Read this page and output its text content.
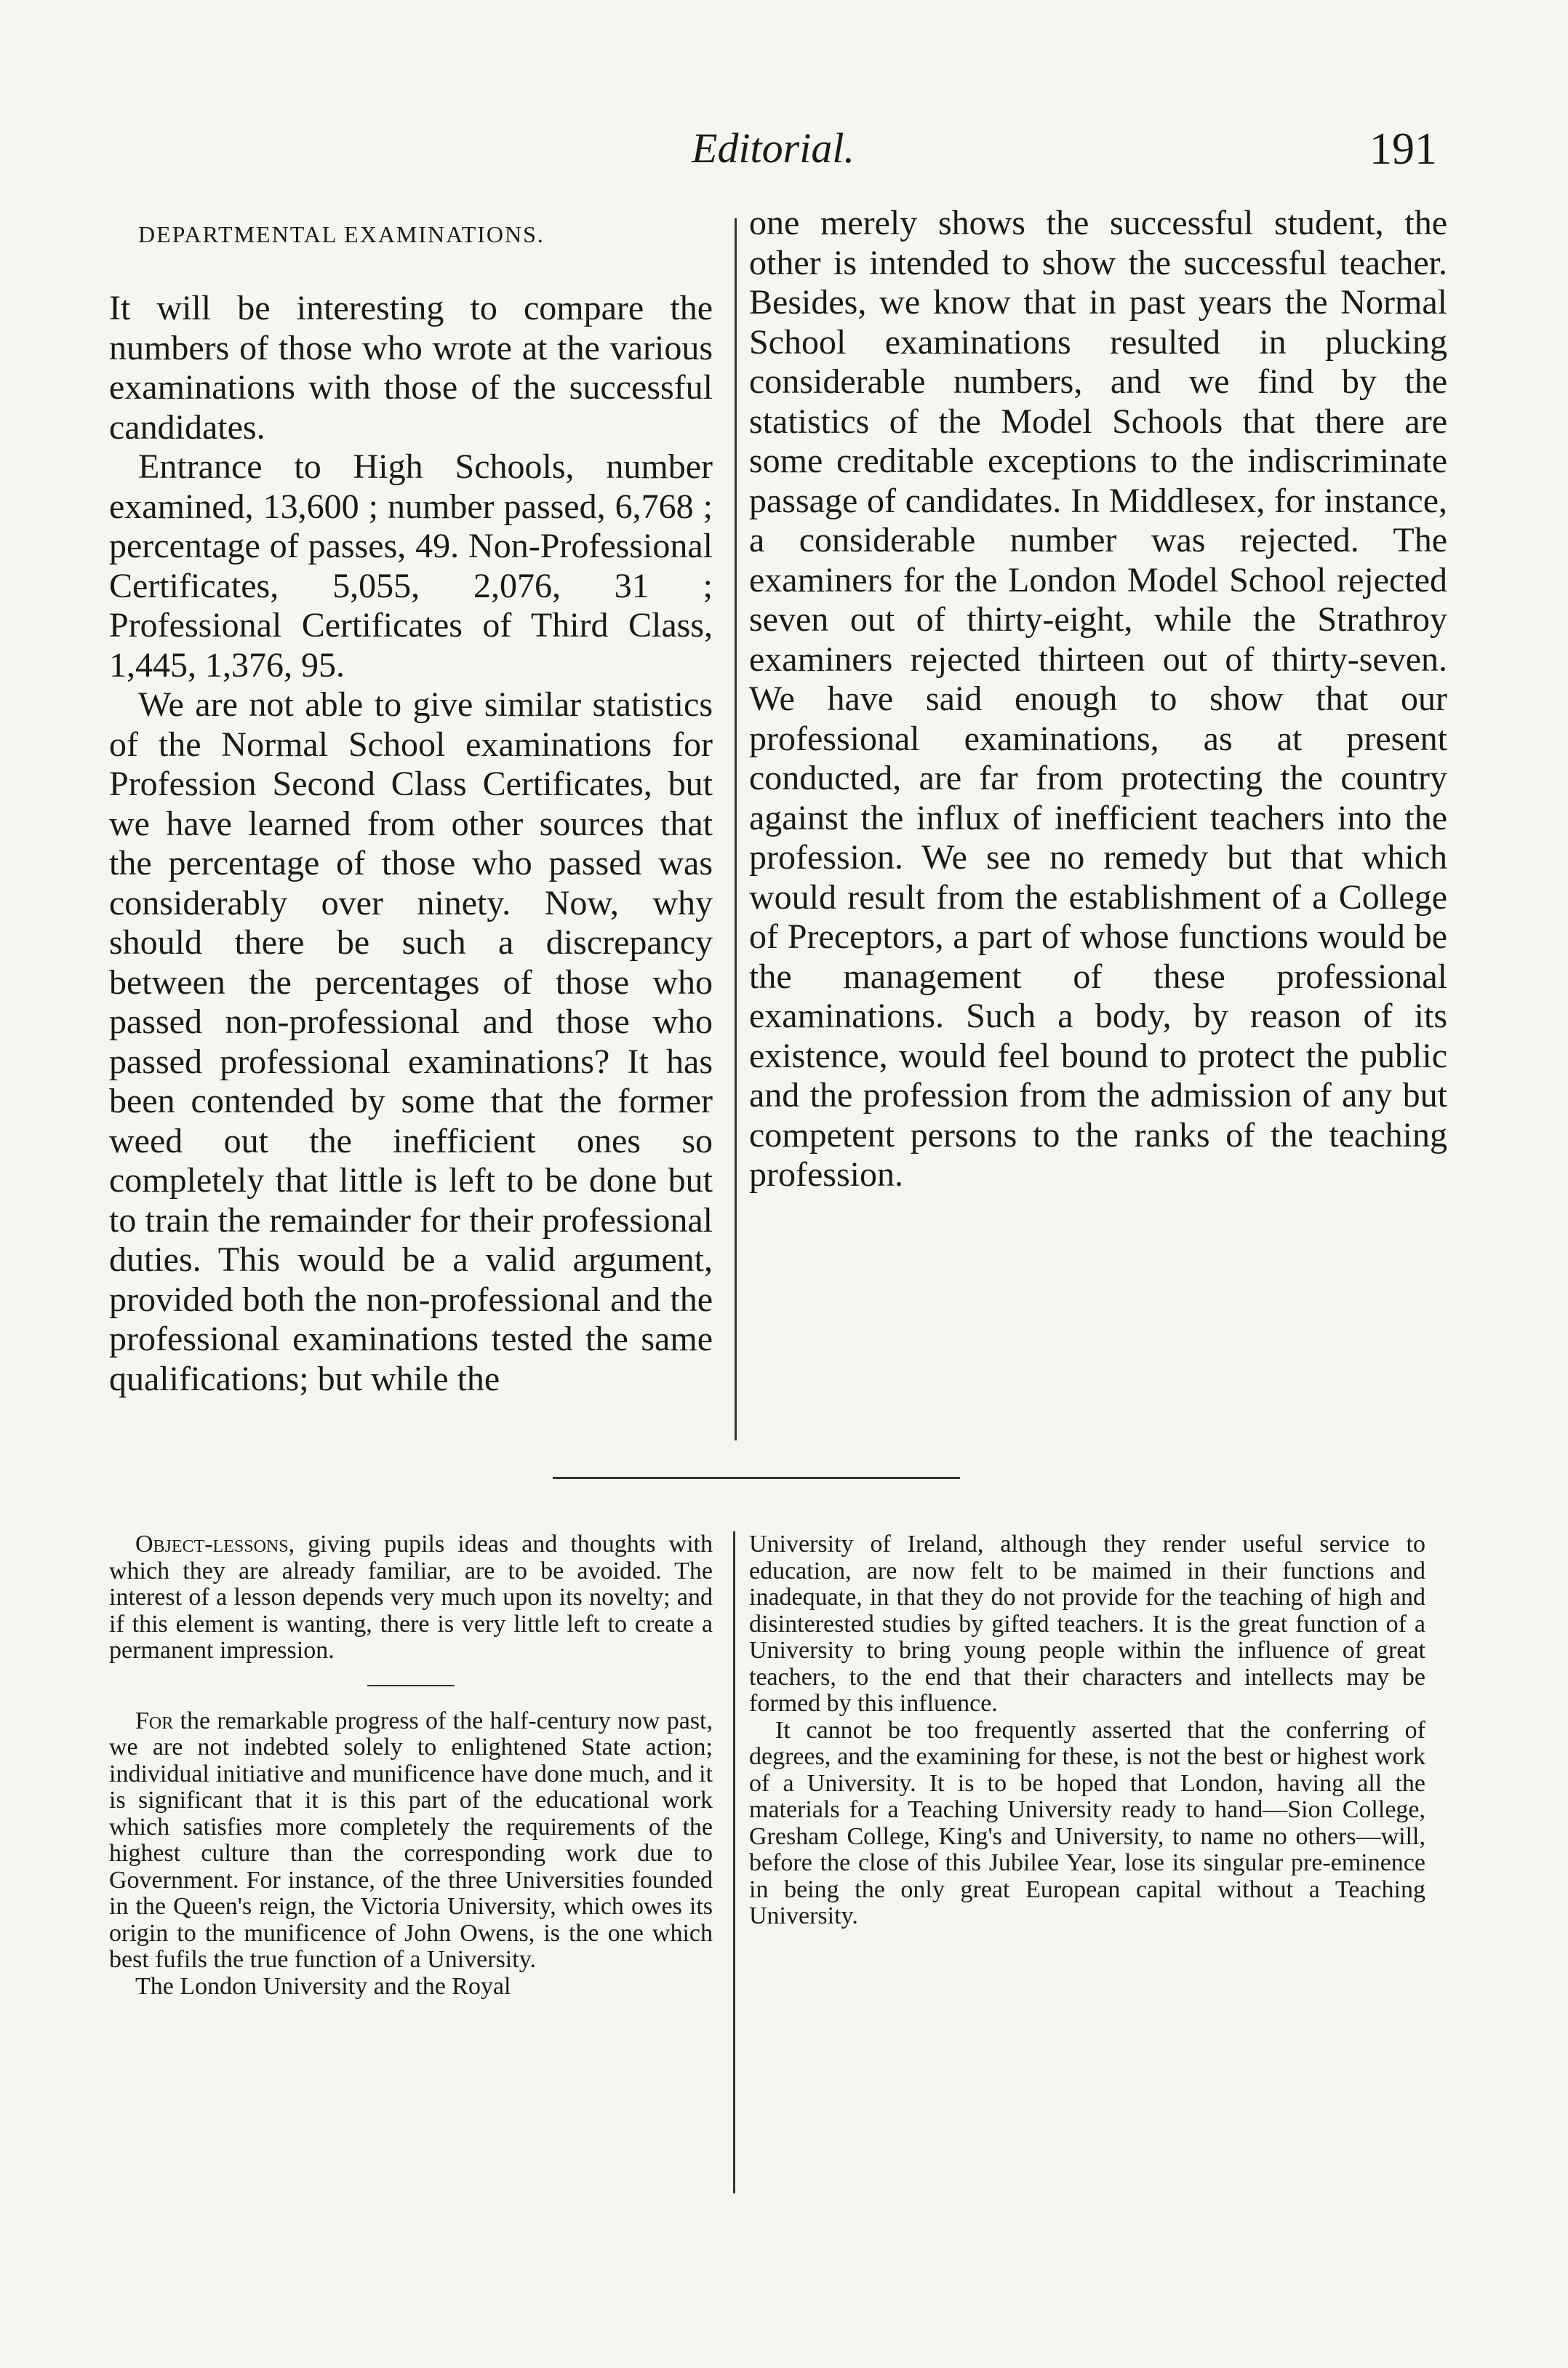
Editorial.	191
DEPARTMENTAL EXAMINATIONS.

It will be interesting to compare the numbers of those who wrote at the various examinations with those of the successful candidates.

Entrance to High Schools, number examined, 13,600 ; number passed, 6,768 ; percentage of passes, 49. Non-Professional Certificates, 5,055, 2,076, 31 ; Professional Certificates of Third Class, 1,445, 1,376, 95.

We are not able to give similar statistics of the Normal School examinations for Profession Second Class Certificates, but we have learned from other sources that the percentage of those who passed was considerably over ninety. Now, why should there be such a discrepancy between the percentages of those who passed non-professional and those who passed professional examinations? It has been contended by some that the former weed out the inefficient ones so completely that little is left to be done but to train the remainder for their professional duties. This would be a valid argument, provided both the non-professional and the professional examinations tested the same qualifications; but while the

one merely shows the successful student, the other is intended to show the successful teacher. Besides, we know that in past years the Normal School examinations resulted in plucking considerable numbers, and we find by the statistics of the Model Schools that there are some creditable exceptions to the indiscriminate passage of candidates. In Middlesex, for instance, a considerable number was rejected. The examiners for the London Model School rejected seven out of thirty-eight, while the Strathroy examiners rejected thirteen out of thirty-seven. We have said enough to show that our professional examinations, as at present conducted, are far from protecting the country against the influx of inefficient teachers into the profession. We see no remedy but that which would result from the establishment of a College of Preceptors, a part of whose functions would be the management of these professional examinations. Such a body, by reason of its existence, would feel bound to protect the public and the profession from the admission of any but competent persons to the ranks of the teaching profession.

Object-lessons, giving pupils ideas and thoughts with which they are already familiar, are to be avoided. The interest of a lesson depends very much upon its novelty; and if this element is wanting, there is very little left to create a permanent impression.

For the remarkable progress of the half-century now past, we are not indebted solely to enlightened State action; individual initiative and munificence have done much, and it is significant that it is this part of the educational work which satisfies more completely the requirements of the highest culture than the corresponding work due to Government. For instance, of the three Universities founded in the Queen's reign, the Victoria University, which owes its origin to the munificence of John Owens, is the one which best fufils the true function of a University.

The London University and the Royal

University of Ireland, although they render useful service to education, are now felt to be maimed in their functions and inadequate, in that they do not provide for the teaching of high and disinterested studies by gifted teachers. It is the great function of a University to bring young people within the influence of great teachers, to the end that their characters and intellects may be formed by this influence.

It cannot be too frequently asserted that the conferring of degrees, and the examining for these, is not the best or highest work of a University. It is to be hoped that London, having all the materials for a Teaching University ready to hand—Sion College, Gresham College, King's and University, to name no others—will, before the close of this Jubilee Year, lose its singular pre-eminence in being the only great European capital without a Teaching University.
